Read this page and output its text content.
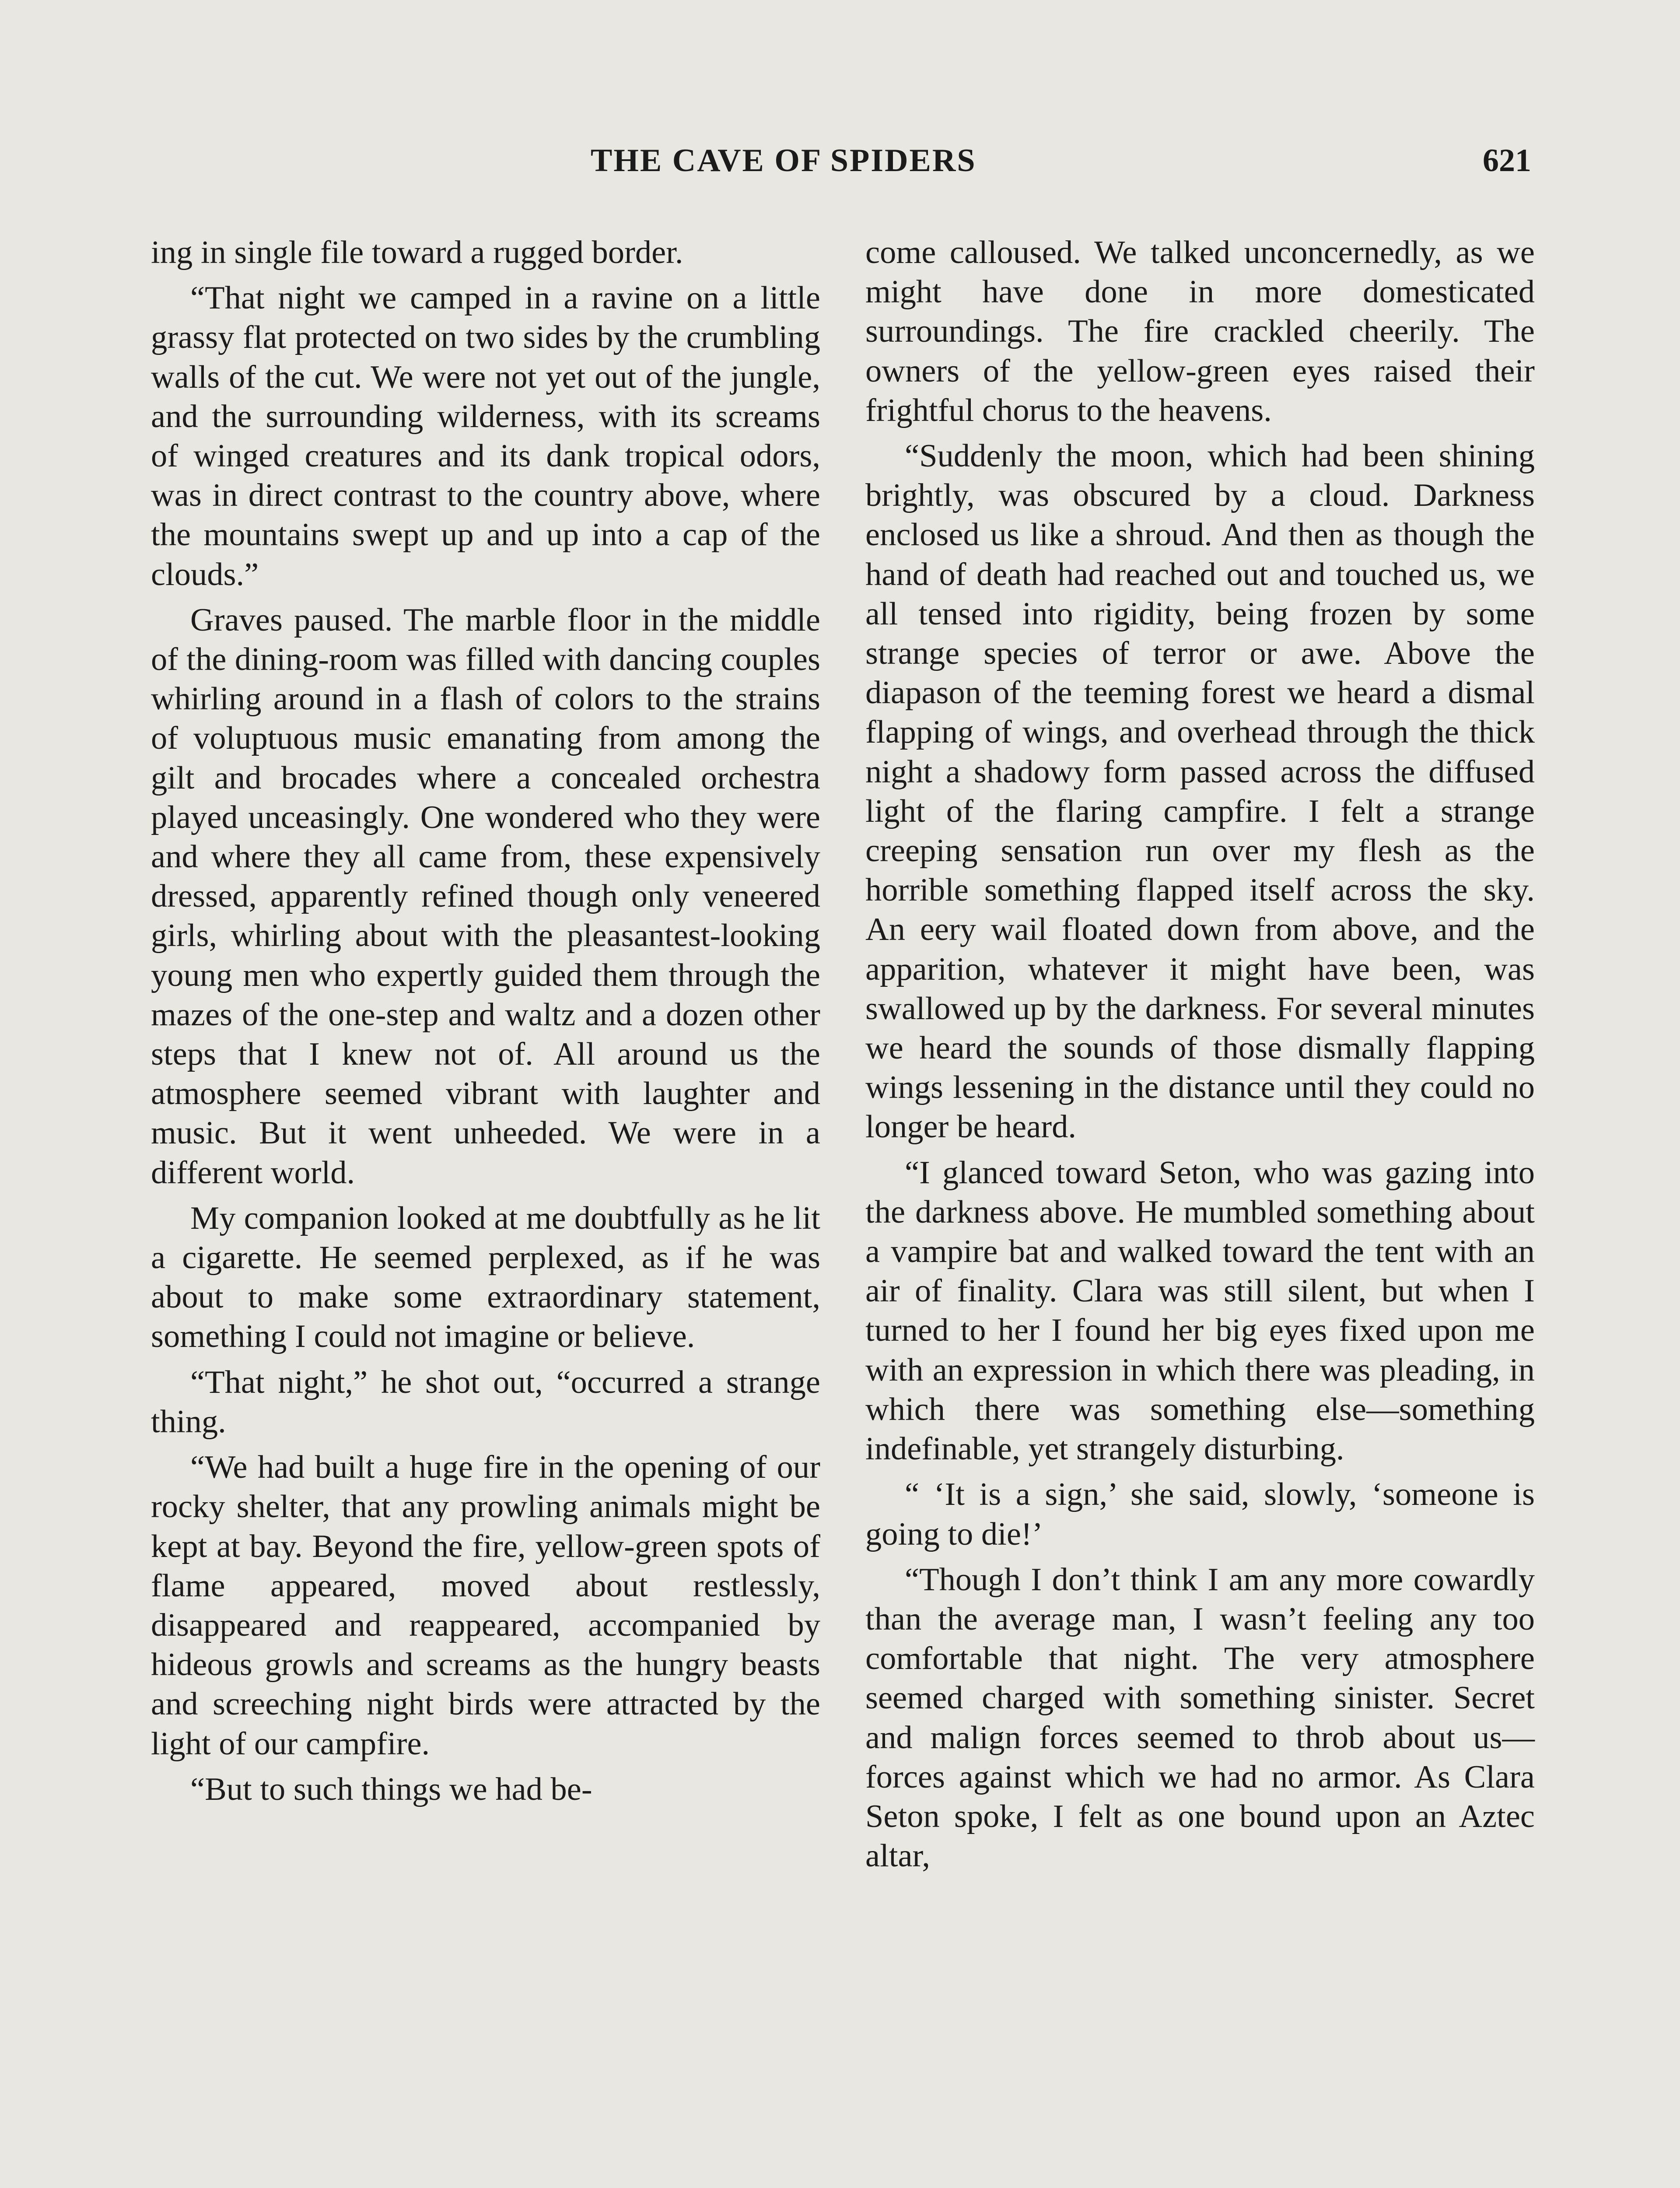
THE CAVE OF SPIDERS	621

ing in single file toward a rugged border.

“That night we camped in a ravine on a little grassy flat protected on two sides by the crumbling walls of the cut. We were not yet out of the jungle, and the surrounding wilderness, with its screams of winged creatures and its dank tropical odors, was in direct contrast to the country above, where the mountains swept up and up into a cap of the clouds.”

Graves paused. The marble floor in the middle of the dining-room was filled with dancing couples whirling around in a flash of colors to the strains of voluptuous music emanating from among the gilt and brocades where a concealed orchestra played unceasingly. One wondered who they were and where they all came from, these expensively dressed, apparently refined though only veneered girls, whirling about with the pleasantest-looking young men who expertly guided them through the mazes of the one-step and waltz and a dozen other steps that I knew not of. All around us the atmosphere seemed vibrant with laughter and music. But it went unheeded. We were in a different world.

My companion looked at me doubtfully as he lit a cigarette. He seemed perplexed, as if he was about to make some extraordinary statement, something I could not imagine or believe.

“That night,” he shot out, “occurred a strange thing.

“We had built a huge fire in the opening of our rocky shelter, that any prowling animals might be kept at bay. Beyond the fire, yellow-green spots of flame appeared, moved about restlessly, disappeared and reappeared, accompanied by hideous growls and screams as the hungry beasts and screeching night birds were attracted by the light of our campfire.

“But to such things we had be-

come calloused. We talked unconcernedly, as we might have done in more domesticated surroundings. The fire crackled cheerily. The owners of the yellow-green eyes raised their frightful chorus to the heavens.

“Suddenly the moon, which had been shining brightly, was obscured by a cloud. Darkness enclosed us like a shroud. And then as though the hand of death had reached out and touched us, we all tensed into rigidity, being frozen by some strange species of terror or awe. Above the diapason of the teeming forest we heard a dismal flapping of wings, and overhead through the thick night a shadowy form passed across the diffused light of the flaring campfire. I felt a strange creeping sensation run over my flesh as the horrible something flapped itself across the sky. An eery wail floated down from above, and the apparition, whatever it might have been, was swallowed up by the darkness. For several minutes we heard the sounds of those dismally flapping wings lessening in the distance until they could no longer be heard.

“I glanced toward Seton, who was gazing into the darkness above. He mumbled something about a vampire bat and walked toward the tent with an air of finality. Clara was still silent, but when I turned to her I found her big eyes fixed upon me with an expression in which there was pleading, in which there was something else—something indefinable, yet strangely disturbing.

“ ‘It is a sign,’ she said, slowly, ‘someone is going to die!’

“Though I don’t think I am any more cowardly than the average man, I wasn’t feeling any too comfortable that night. The very atmosphere seemed charged with something sinister. Secret and malign forces seemed to throb about us—forces against which we had no armor. As Clara Seton spoke, I felt as one bound upon an Aztec altar,
